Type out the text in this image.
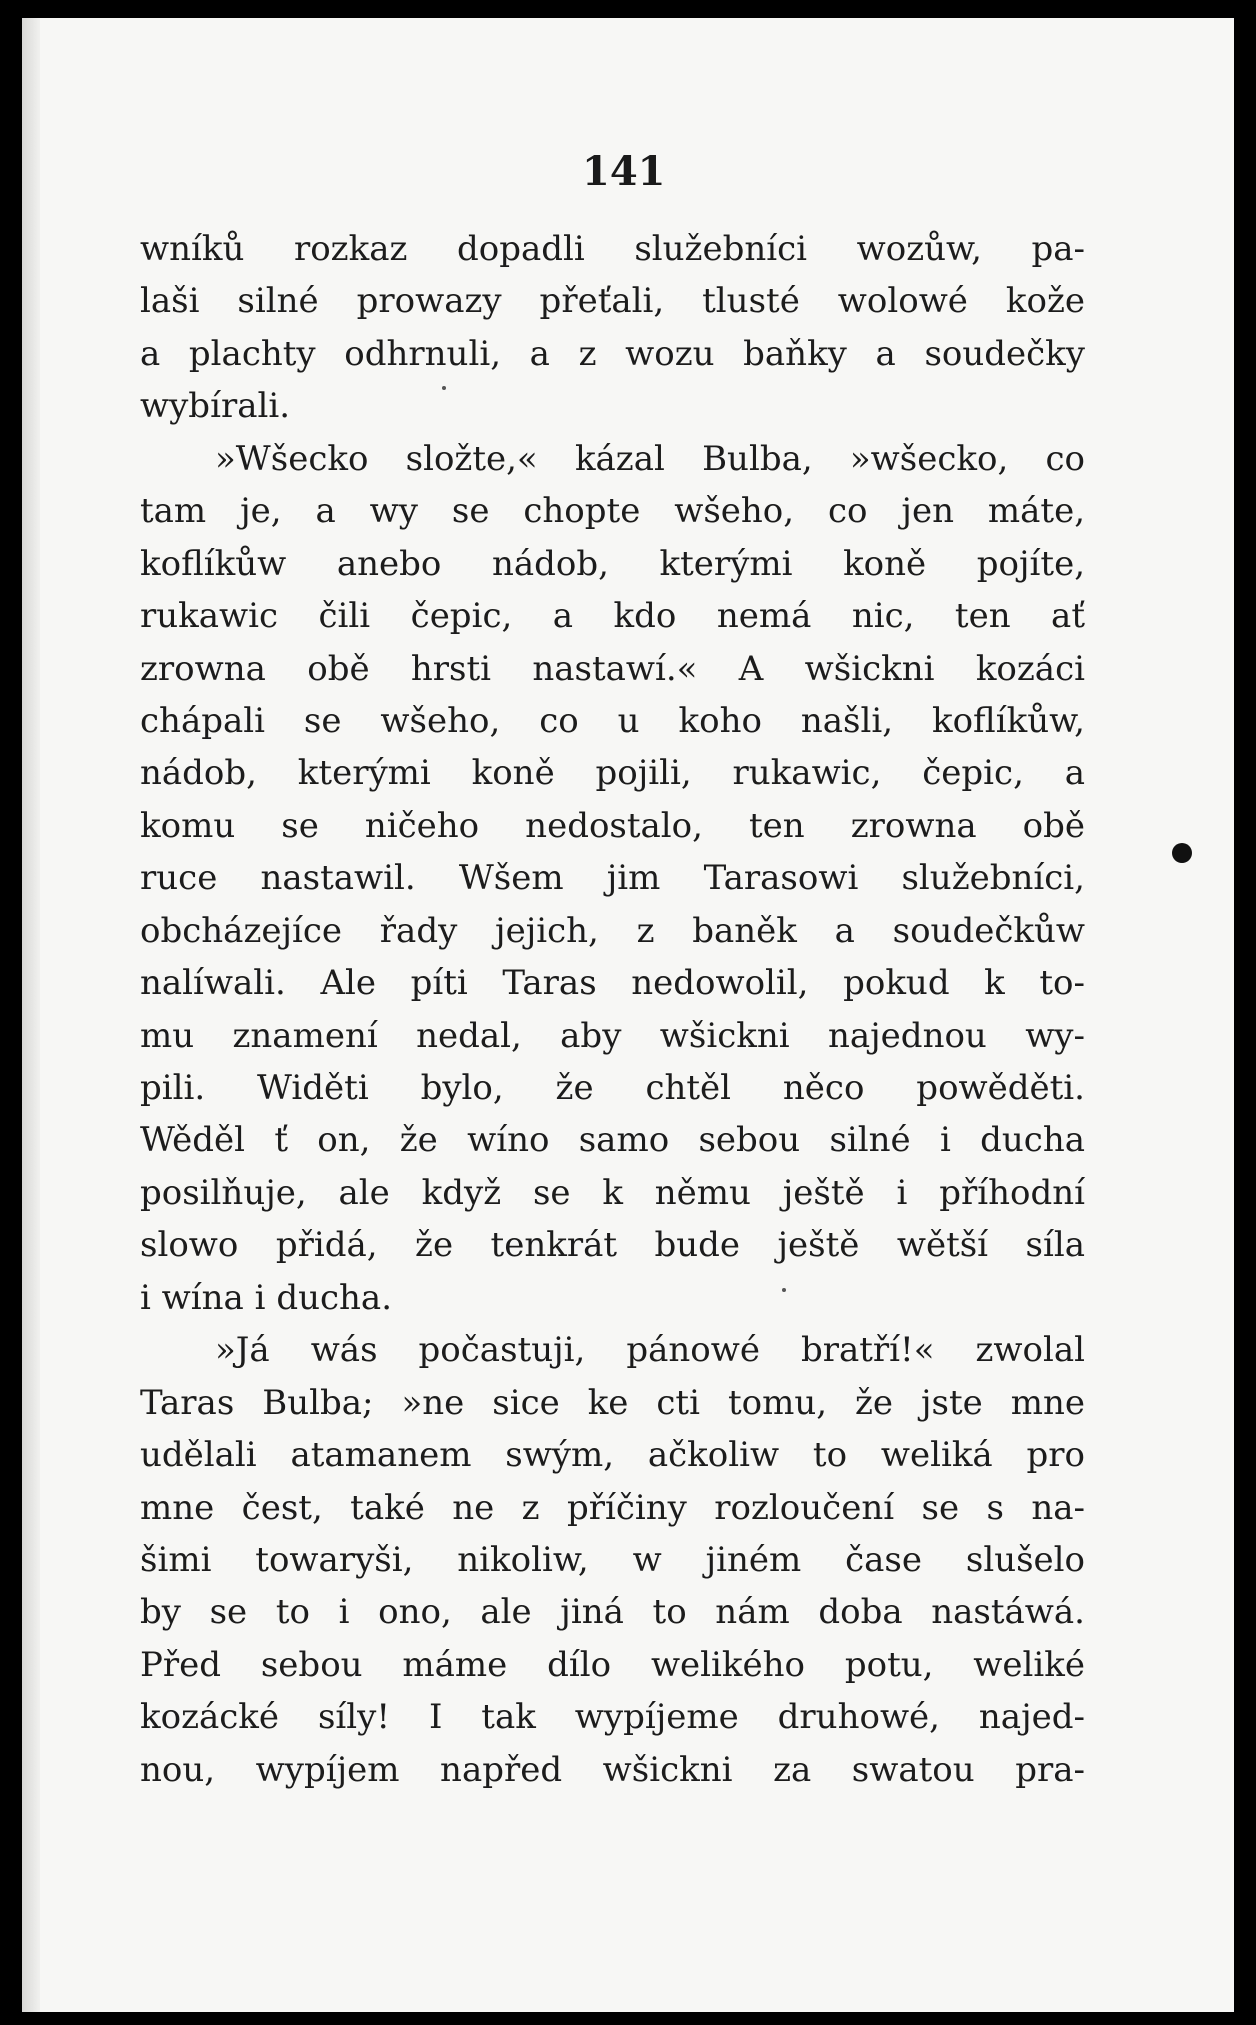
141
wníků rozkaz dopadli služebníci wozůw, pa-
laši silné prowazy přeťali, tlusté wolowé kože
a plachty odhrnuli, a z wozu baňky a soudečky
wybírali.
»Wšecko složte,« kázal Bulba, »wšecko, co
tam je, a wy se chopte wšeho, co jen máte,
koflíkůw anebo nádob, kterými koně pojíte,
rukawic čili čepic, a kdo nemá nic, ten ať
zrowna obě hrsti nastawí.« A wšickni kozáci
chápali se wšeho, co u koho našli, koflíkůw,
nádob, kterými koně pojili, rukawic, čepic, a
komu se ničeho nedostalo, ten zrowna obě
ruce nastawil. Wšem jim Tarasowi služebníci,
obcházejíce řady jejich, z baněk a soudečkůw
nalíwali. Ale píti Taras nedowolil, pokud k to-
mu znamení nedal, aby wšickni najednou wy-
pili. Widěti bylo, že chtěl něco powěděti.
Wěděl ť on, že wíno samo sebou silné i ducha
posilňuje, ale když se k němu ještě i příhodní
slowo přidá, že tenkrát bude ještě wětší síla
i wína i ducha.
»Já wás počastuji, pánowé bratří!« zwolal
Taras Bulba; »ne sice ke cti tomu, že jste mne
udělali atamanem swým, ačkoliw to weliká pro
mne čest, také ne z příčiny rozloučení se s na-
šimi towaryši, nikoliw, w jiném čase slušelo
by se to i ono, ale jiná to nám doba nastáwá.
Před sebou máme dílo welikého potu, weliké
kozácké síly! I tak wypíjeme druhowé, najed-
nou, wypíjem napřed wšickni za swatou pra-
